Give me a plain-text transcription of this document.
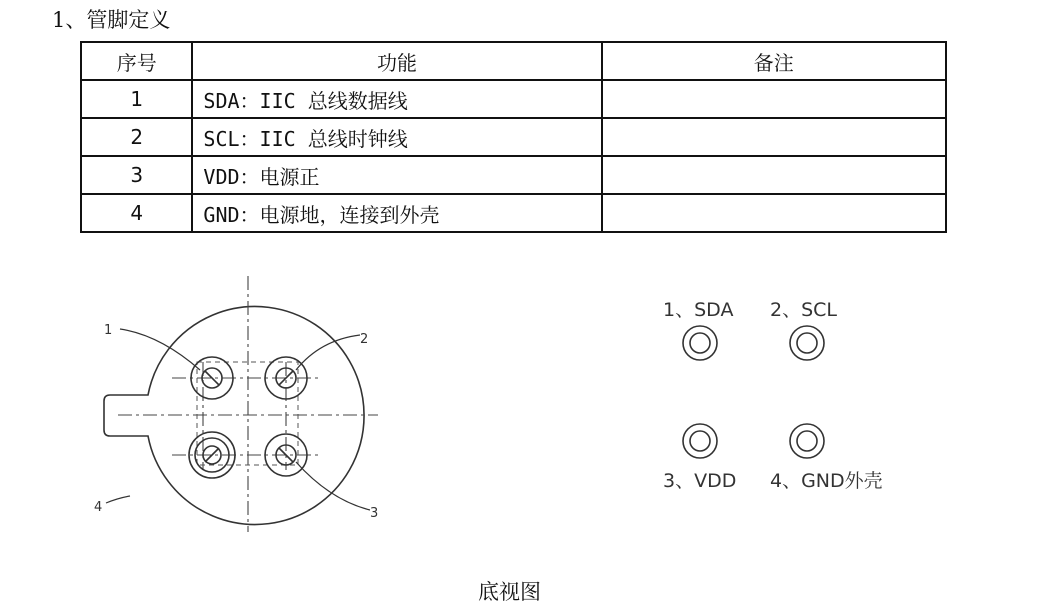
1、管脚定义
序号	功能	备注
1	SDA：IIC 总线数据线	
2	SCL：IIC 总线时钟线	
3	VDD：电源正	
4	GND：电源地，连接到外壳	
1
2
3
4
1、SDA 2、SCL
3、VDD 4、GND外壳
底视图
